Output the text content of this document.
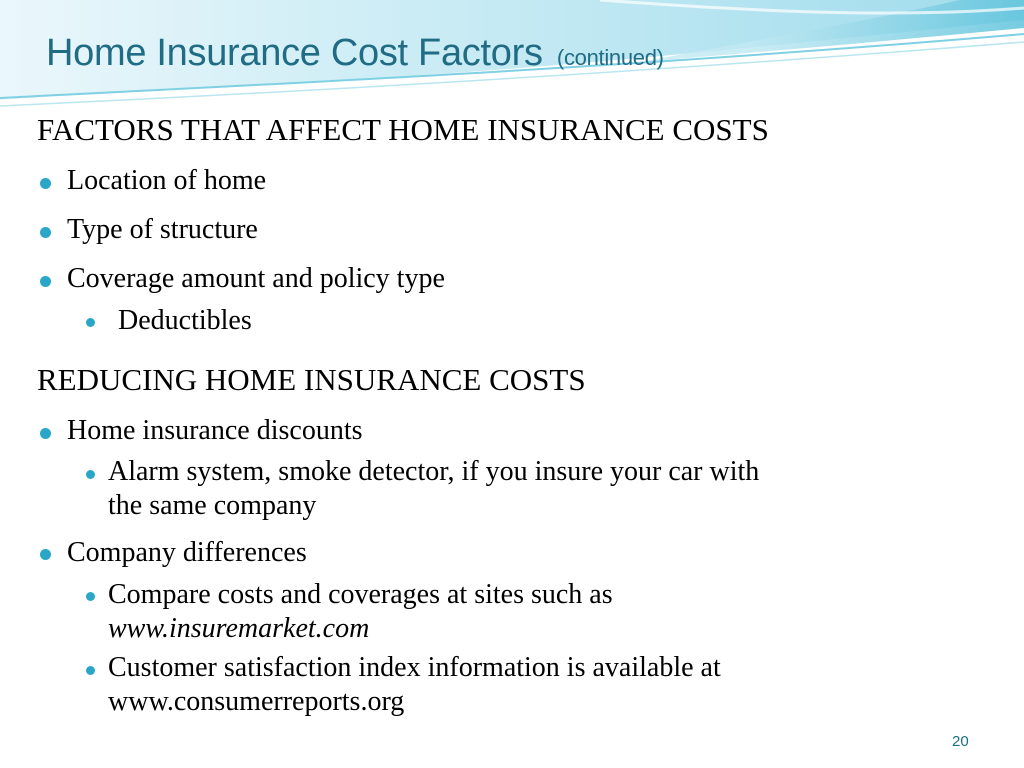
Home Insurance Cost Factors (continued)
FACTORS THAT AFFECT HOME INSURANCE COSTS
Location of home
Type of structure
Coverage amount and policy type
Deductibles
REDUCING HOME INSURANCE COSTS
Home insurance discounts
Alarm system, smoke detector, if you insure your car with
the same company
Company differences
Compare costs and coverages at sites such as
www.insuremarket.com
Customer satisfaction index information is available at
www.consumerreports.org
20
